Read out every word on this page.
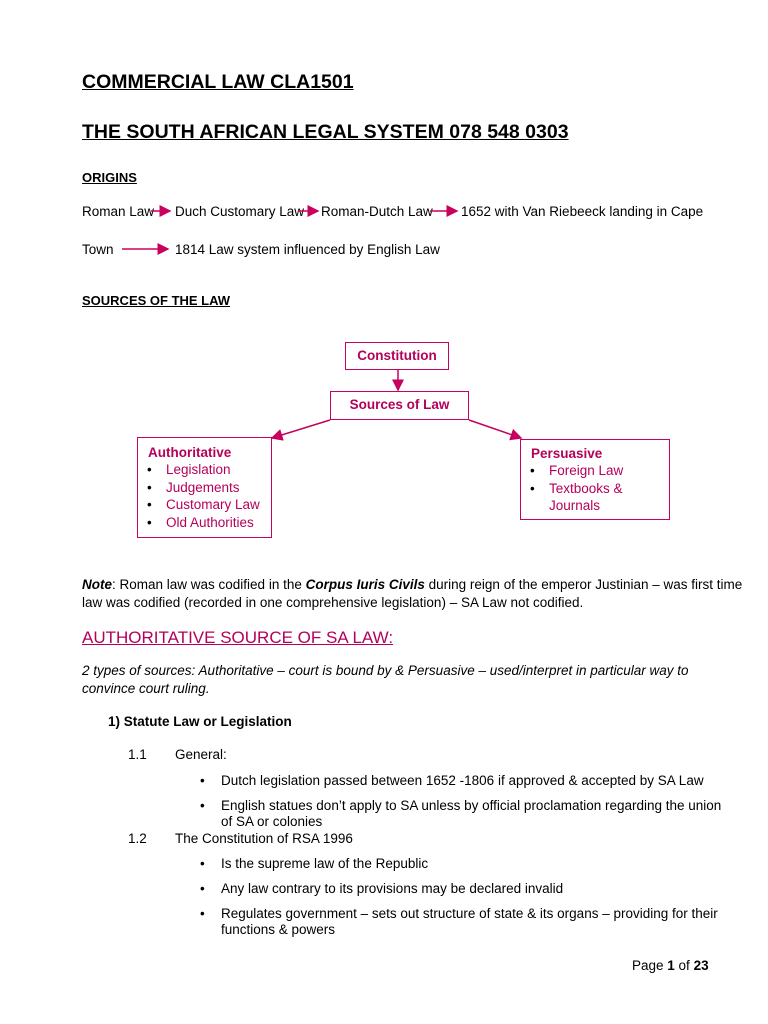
COMMERCIAL LAW CLA1501
THE SOUTH AFRICAN LEGAL SYSTEM 078 548 0303
ORIGINS
Roman Law Duch Customary Law Roman-Dutch Law 1652 with Van Riebeeck landing in Cape
Town	1814 Law system influenced by English Law
SOURCES OF THE LAW
Constitution
Sources of Law
Authoritative
• Legislation
• Judgements
• Customary Law
• Old Authorities
Persuasive
• Foreign Law
• Textbooks &
Journals
Note: Roman law was codified in the Corpus Iuris Civils during reign of the emperor Justinian – was first time
law was codified (recorded in one comprehensive legislation) – SA Law not codified.
AUTHORITATIVE SOURCE OF SA LAW:
2 types of sources: Authoritative – court is bound by & Persuasive – used/interpret in particular way to
convince court ruling.
1) Statute Law or Legislation
1.1 General:
• Dutch legislation passed between 1652 -1806 if approved & accepted by SA Law
• English statues don’t apply to SA unless by official proclamation regarding the union
of SA or colonies
1.2 The Constitution of RSA 1996
• Is the supreme law of the Republic
• Any law contrary to its provisions may be declared invalid
• Regulates government – sets out structure of state & its organs – providing for their
functions & powers
Page 1 of 23
